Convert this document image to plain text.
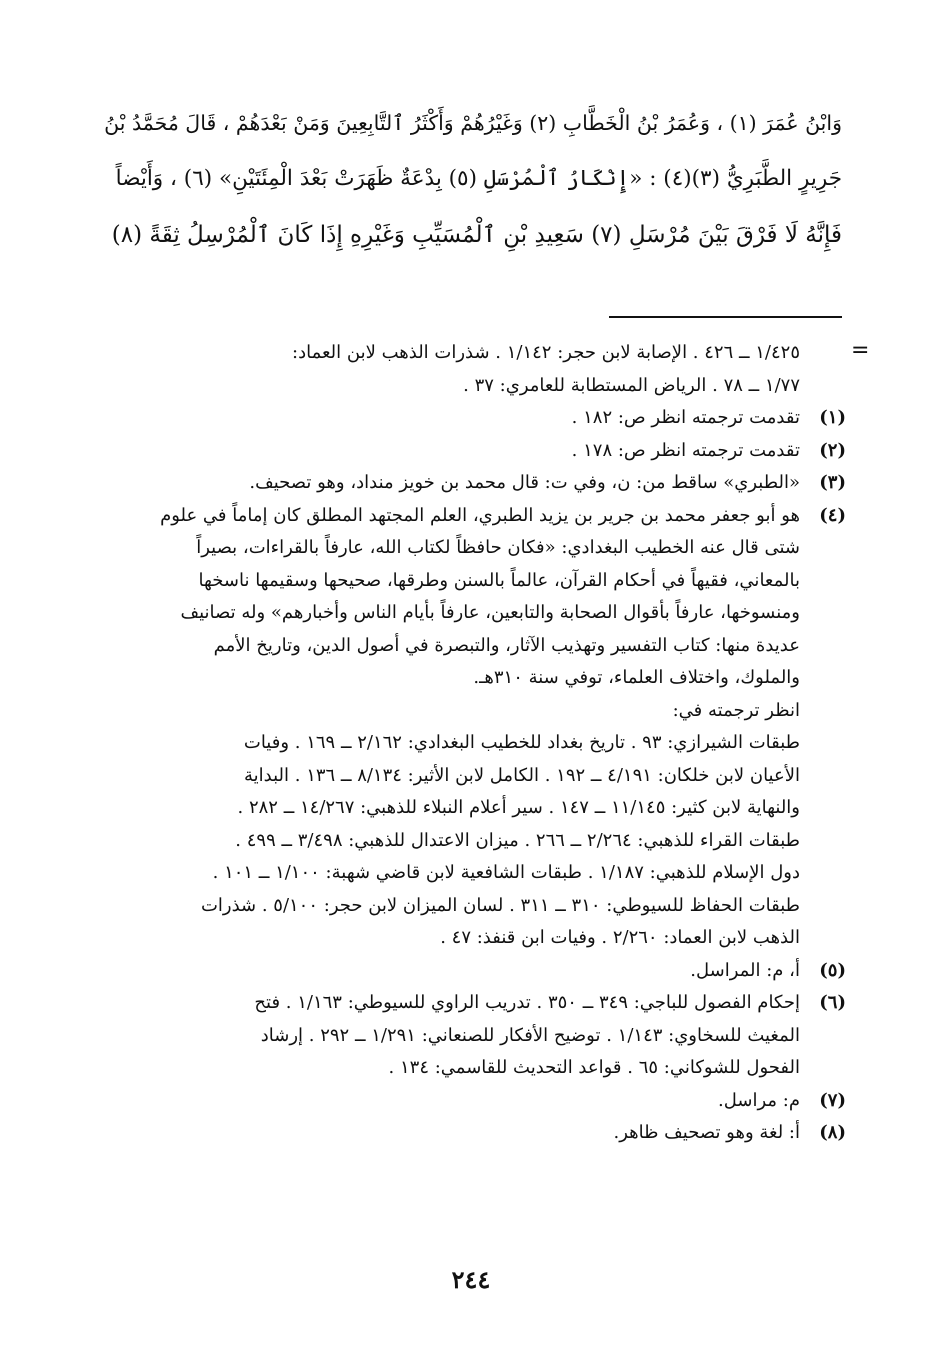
وَابْنُ عُمَرَ (١) ، وَعُمَرُ بْنُ الْخَطَّابِ (٢) وَغَيْرُهُمْ وَأَكْثَرُ ٱلتَّابِعِينَ وَمَنْ بَعْدَهُمْ ، قَالَ مُحَمَّدُ بْنُ
جَرِيرٍ الطَّبَرِيُّ (٣)(٤) : «إِنْكَارُ ٱلْمُرْسَلِ (٥) بِدْعَةٌ ظَهَرَتْ بَعْدَ الْمِئَتَيْنِ» (٦) ، وَأَيْضاً
فَإِنَّهُ لَا فَرْقَ بَيْنَ مُرْسَلِ (٧) سَعِيدِ بْنِ ٱلْمُسَيِّبِ وَغَيْرِهِ إِذَا كَانَ ٱلْمُرْسِلُ ثِقَةً (٨)
=
١/٤٢٥ ــ ٤٢٦ . الإصابة لابن حجر: ١/١٤٢ . شذرات الذهب لابن العماد:
١/٧٧ ــ ٧٨ . الرياض المستطابة للعامري: ٣٧ .
(١)
تقدمت ترجمته انظر ص: ١٨٢ .
(٢)
تقدمت ترجمته انظر ص: ١٧٨ .
(٣)
«الطبري» ساقط من: ن، وفي ت: قال محمد بن خويز منداد، وهو تصحيف.
(٤)
هو أبو جعفر محمد بن جرير بن يزيد الطبري، العلم المجتهد المطلق كان إماماً في علوم
شتى قال عنه الخطيب البغدادي: «فكان حافظاً لكتاب الله، عارفاً بالقراءات، بصيراً
بالمعاني، فقيهاً في أحكام القرآن، عالماً بالسنن وطرقها، صحيحها وسقيمها ناسخها
ومنسوخها، عارفاً بأقوال الصحابة والتابعين، عارفاً بأيام الناس وأخبارهم» وله تصانيف
عديدة منها: كتاب التفسير وتهذيب الآثار، والتبصرة في أصول الدين، وتاريخ الأمم
والملوك، واختلاف العلماء، توفي سنة ٣١٠هـ.
انظر ترجمته في:
طبقات الشيرازي: ٩٣ . تاريخ بغداد للخطيب البغدادي: ٢/١٦٢ ــ ١٦٩ . وفيات
الأعيان لابن خلكان: ٤/١٩١ ــ ١٩٢ . الكامل لابن الأثير: ٨/١٣٤ ــ ١٣٦ . البداية
والنهاية لابن كثير: ١١/١٤٥ ــ ١٤٧ . سير أعلام النبلاء للذهبي: ١٤/٢٦٧ ــ ٢٨٢ .
طبقات القراء للذهبي: ٢/٢٦٤ ــ ٢٦٦ . ميزان الاعتدال للذهبي: ٣/٤٩٨ ــ ٤٩٩ .
دول الإسلام للذهبي: ١/١٨٧ . طبقات الشافعية لابن قاضي شهبة: ١/١٠٠ ــ ١٠١ .
طبقات الحفاظ للسيوطي: ٣١٠ ــ ٣١١ . لسان الميزان لابن حجر: ٥/١٠٠ . شذرات
الذهب لابن العماد: ٢/٢٦٠ . وفيات ابن قنفذ: ٤٧ .
(٥)
أ، م: المراسل.
(٦)
إحكام الفصول للباجي: ٣٤٩ ــ ٣٥٠ . تدريب الراوي للسيوطي: ١/١٦٣ . فتح
المغيث للسخاوي: ١/١٤٣ . توضيح الأفكار للصنعاني: ١/٢٩١ ــ ٢٩٢ . إرشاد
الفحول للشوكاني: ٦٥ . قواعد التحديث للقاسمي: ١٣٤ .
(٧)
م: مراسل.
(٨)
أ: لغة وهو تصحيف ظاهر.
٢٤٤
